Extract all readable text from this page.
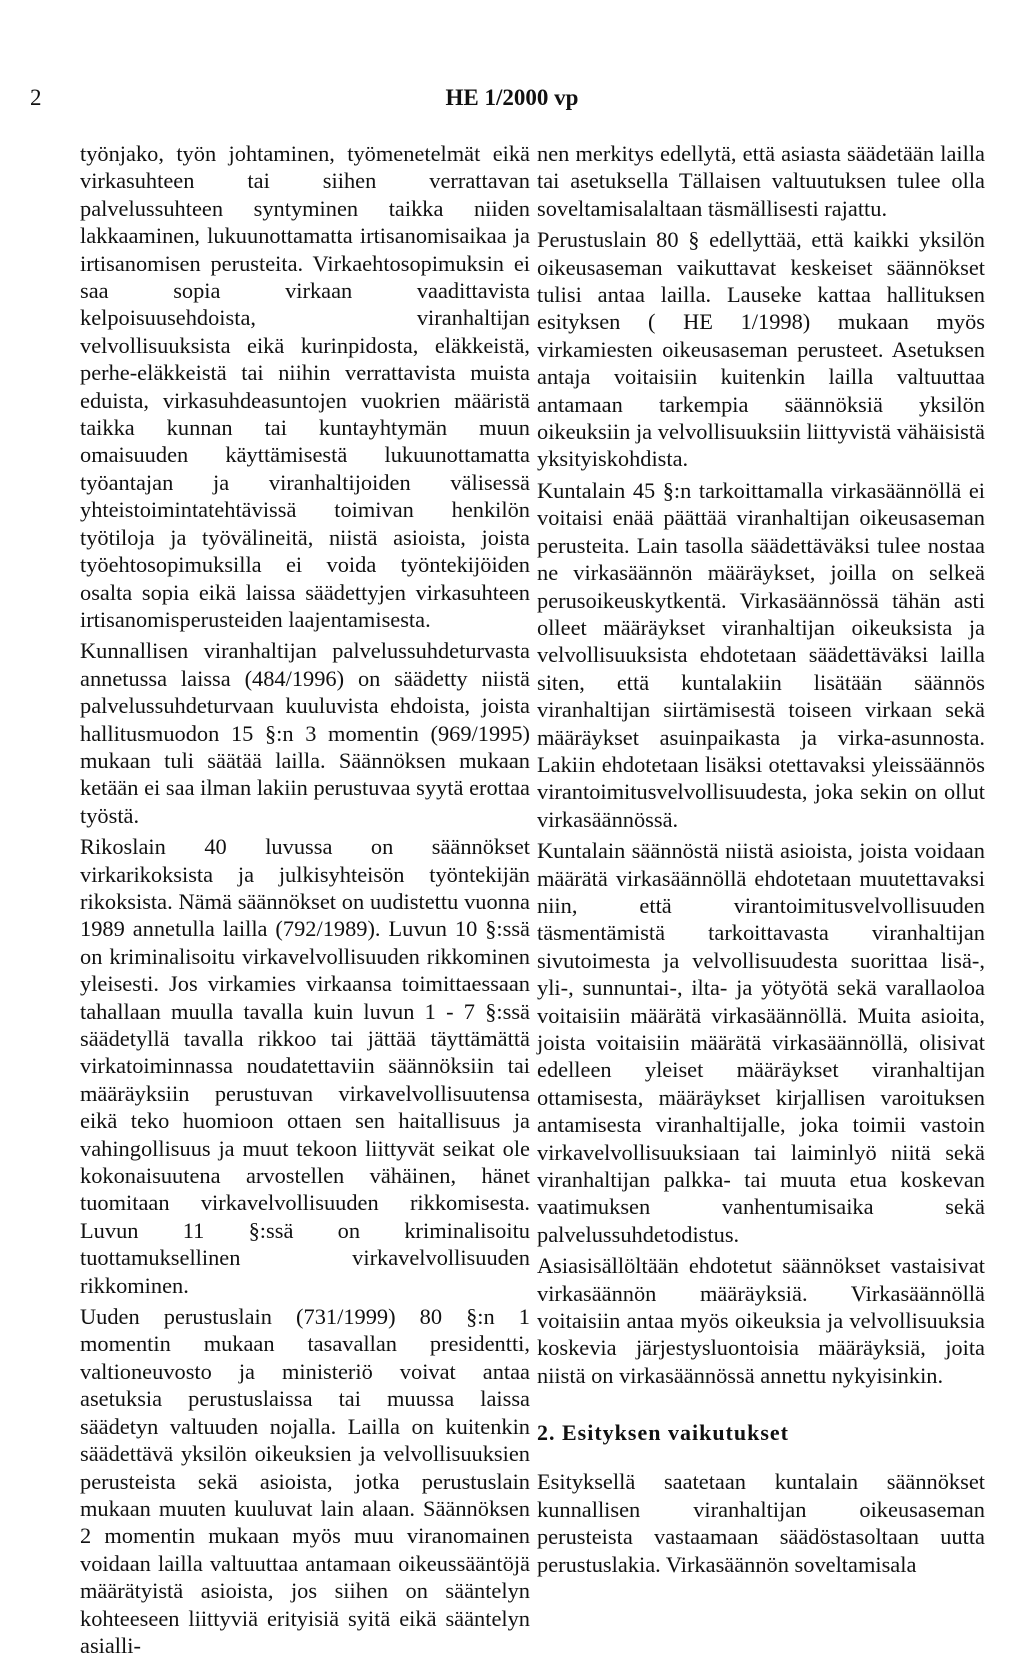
2	HE 1/2000 vp

työnjako, työn johtaminen, työmenetelmät eikä virkasuhteen tai siihen verrattavan palvelussuhteen syntyminen taikka niiden lakkaaminen, lukuunottamatta irtisanomisaikaa ja irtisanomisen perusteita. Virkaehtosopimuksin ei saa sopia virkaan vaadittavista kelpoisuusehdoista, viranhaltijan velvollisuuksista eikä kurinpidosta, eläkkeistä, perhe-eläkkeistä tai niihin verrattavista muista eduista, virkasuhdeasuntojen vuokrien määristä taikka kunnan tai kuntayhtymän muun omaisuuden käyttämisestä lukuunottamatta työantajan ja viranhaltijoiden välisessä yhteistoimintatehtävissä toimivan henkilön työtiloja ja työvälineitä, niistä asioista, joista työehtosopimuksilla ei voida työntekijöiden osalta sopia eikä laissa säädettyjen virkasuhteen irtisanomisperusteiden laajentamisesta.

Kunnallisen viranhaltijan palvelussuhdeturvasta annetussa laissa (484/1996) on säädetty niistä palvelussuhdeturvaan kuuluvista ehdoista, joista hallitusmuodon 15 §:n 3 momentin (969/1995) mukaan tuli säätää lailla. Säännöksen mukaan ketään ei saa ilman lakiin perustuvaa syytä erottaa työstä.

Rikoslain 40 luvussa on säännökset virkarikoksista ja julkisyhteisön työntekijän rikoksista. Nämä säännökset on uudistettu vuonna 1989 annetulla lailla (792/1989). Luvun 10 §:ssä on kriminalisoitu virkavelvollisuuden rikkominen yleisesti. Jos virkamies virkaansa toimittaessaan tahallaan muulla tavalla kuin luvun 1 - 7 §:ssä säädetyllä tavalla rikkoo tai jättää täyttämättä virkatoiminnassa noudatettaviin säännöksiin tai määräyksiin perustuvan virkavelvollisuutensa eikä teko huomioon ottaen sen haitallisuus ja vahingollisuus ja muut tekoon liittyvät seikat ole kokonaisuutena arvostellen vähäinen, hänet tuomitaan virkavelvollisuuden rikkomisesta. Luvun 11 §:ssä on kriminalisoitu tuottamuksellinen virkavelvollisuuden rikkominen.

Uuden perustuslain (731/1999) 80 §:n 1 momentin mukaan tasavallan presidentti, valtioneuvosto ja ministeriö voivat antaa asetuksia perustuslaissa tai muussa laissa säädetyn valtuuden nojalla. Lailla on kuitenkin säädettävä yksilön oikeuksien ja velvollisuuksien perusteista sekä asioista, jotka perustuslain mukaan muuten kuuluvat lain alaan. Säännöksen 2 momentin mukaan myös muu viranomainen voidaan lailla valtuuttaa antamaan oikeussääntöjä määrätyistä asioista, jos siihen on sääntelyn kohteeseen liittyviä erityisiä syitä eikä sääntelyn asialli-

nen merkitys edellytä, että asiasta säädetään lailla tai asetuksella Tällaisen valtuutuksen tulee olla soveltamisalaltaan täsmällisesti rajattu.

Perustuslain 80 § edellyttää, että kaikki yksilön oikeusaseman vaikuttavat keskeiset säännökset tulisi antaa lailla. Lauseke kattaa hallituksen esityksen ( HE 1/1998) mukaan myös virkamiesten oikeusaseman perusteet. Asetuksen antaja voitaisiin kuitenkin lailla valtuuttaa antamaan tarkempia säännöksiä yksilön oikeuksiin ja velvollisuuksiin liittyvistä vähäisistä yksityiskohdista.

Kuntalain 45 §:n tarkoittamalla virkasäännöllä ei voitaisi enää päättää viranhaltijan oikeusaseman perusteita. Lain tasolla säädettäväksi tulee nostaa ne virkasäännön määräykset, joilla on selkeä perusoikeuskytkentä. Virkasäännössä tähän asti olleet määräykset viranhaltijan oikeuksista ja velvollisuuksista ehdotetaan säädettäväksi lailla siten, että kuntalakiin lisätään säännös viranhaltijan siirtämisestä toiseen virkaan sekä määräykset asuinpaikasta ja virka-asunnosta. Lakiin ehdotetaan lisäksi otettavaksi yleissäännös virantoimitusvelvollisuudesta, joka sekin on ollut virkasäännössä.

Kuntalain säännöstä niistä asioista, joista voidaan määrätä virkasäännöllä ehdotetaan muutettavaksi niin, että virantoimitusvelvollisuuden täsmentämistä tarkoittavasta viranhaltijan sivutoimesta ja velvollisuudesta suorittaa lisä-, yli-, sunnuntai-, ilta- ja yötyötä sekä varallaoloa voitaisiin määrätä virkasäännöllä. Muita asioita, joista voitaisiin määrätä virkasäännöllä, olisivat edelleen yleiset määräykset viranhaltijan ottamisesta, määräykset kirjallisen varoituksen antamisesta viranhaltijalle, joka toimii vastoin virkavelvollisuuksiaan tai laiminlyö niitä sekä viranhaltijan palkka- tai muuta etua koskevan vaatimuksen vanhentumisaika sekä palvelussuhdetodistus.

Asiasisällöltään ehdotetut säännökset vastaisivat virkasäännön määräyksiä. Virkasäännöllä voitaisiin antaa myös oikeuksia ja velvollisuuksia koskevia järjestysluontoisia määräyksiä, joita niistä on virkasäännössä annettu nykyisinkin.

2. Esityksen vaikutukset

Esityksellä saatetaan kuntalain säännökset kunnallisen viranhaltijan oikeusaseman perusteista vastaamaan säädöstasoltaan uutta perustuslakia. Virkasäännön soveltamisala
